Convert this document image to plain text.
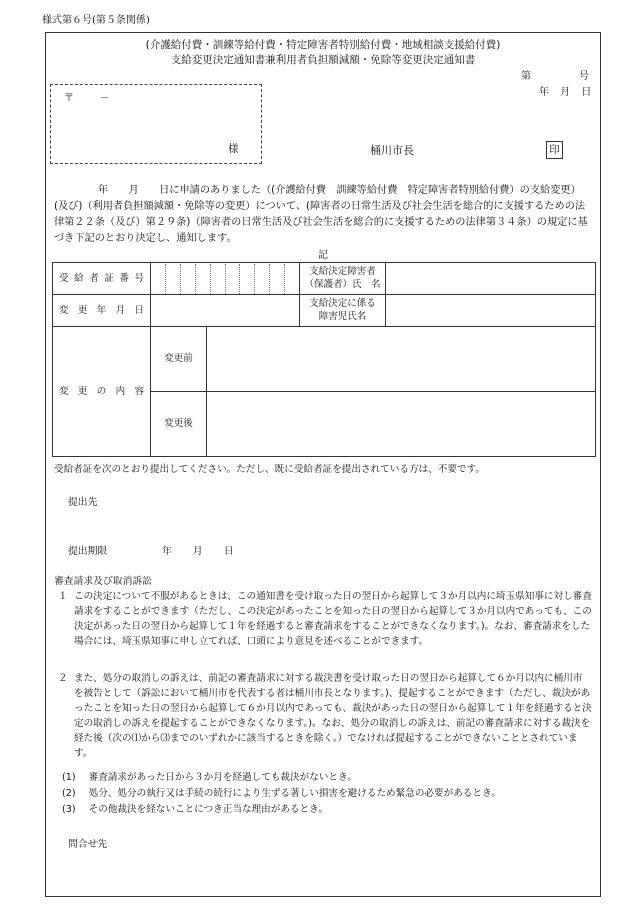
様式第６号(第５条関係)
(介護給付費・訓練等給付費・特定障害者特別給付費・地域相談支援給付費)
支給変更決定通知書兼利用者負担額減額・免除等変更決定通知書
第	号
年 月 日
〒	－
様	桶川市長	印
年　　月　　日に申請のありました（(介護給付費　訓練等給付費　特定障害者特別給付費）の支給変更）(及び)（利用者負担額減額・免除等の変更）について、(障害者の日常生活及び社会生活を総合的に支援するための法律第２２条（及び）第２９条)（障害者の日常生活及び社会生活を総合的に支援するための法律第３４条）の規定に基づき下記のとおり決定し、通知します。
記
受給者証番号			支給決定障害者
（保護者）氏　名	

変更年月日			支給決定に係る
障害児氏名	

変更の内容	変更前			
	変更後			
受給者証を次のとおり提出してください。ただし、既に受給者証を提出されている方は、不要です。
提出先
提出期限	年 月 日
審査請求及び取消訴訟
１ この決定について不服があるときは、この通知書を受け取った日の翌日から起算して３か月以内に埼玉県知事に対し審査請求をすることができます（ただし、この決定があったことを知った日の翌日から起算して３か月以内であっても、この決定があった日の翌日から起算して１年を経過すると審査請求をすることができなくなります。)。なお、審査請求をした場合には、埼玉県知事に申し立てれば、口頭により意見を述べることができます。
２ また、処分の取消しの訴えは、前記の審査請求に対する裁決書を受け取った日の翌日から起算して６か月以内に桶川市を被告として（訴訟において桶川市を代表する者は桶川市長となります。)、提起することができます（ただし、裁決があったことを知った日の翌日から起算して６か月以内であっても、裁決があった日の翌日から起算して１年を経過すると決定の取消しの訴えを提起することができなくなります。)。なお、処分の取消しの訴えは、前記の審査請求に対する裁決を経た後（次の⑴から⑶までのいずれかに該当するときを除く。）でなければ提起することができないこととされています。
(1) 審査請求があった日から３か月を経過しても裁決がないとき。
(2) 処分、処分の執行又は手続の続行により生ずる著しい損害を避けるため緊急の必要があるとき。
(3) その他裁決を経ないことにつき正当な理由があるとき。
問合せ先
